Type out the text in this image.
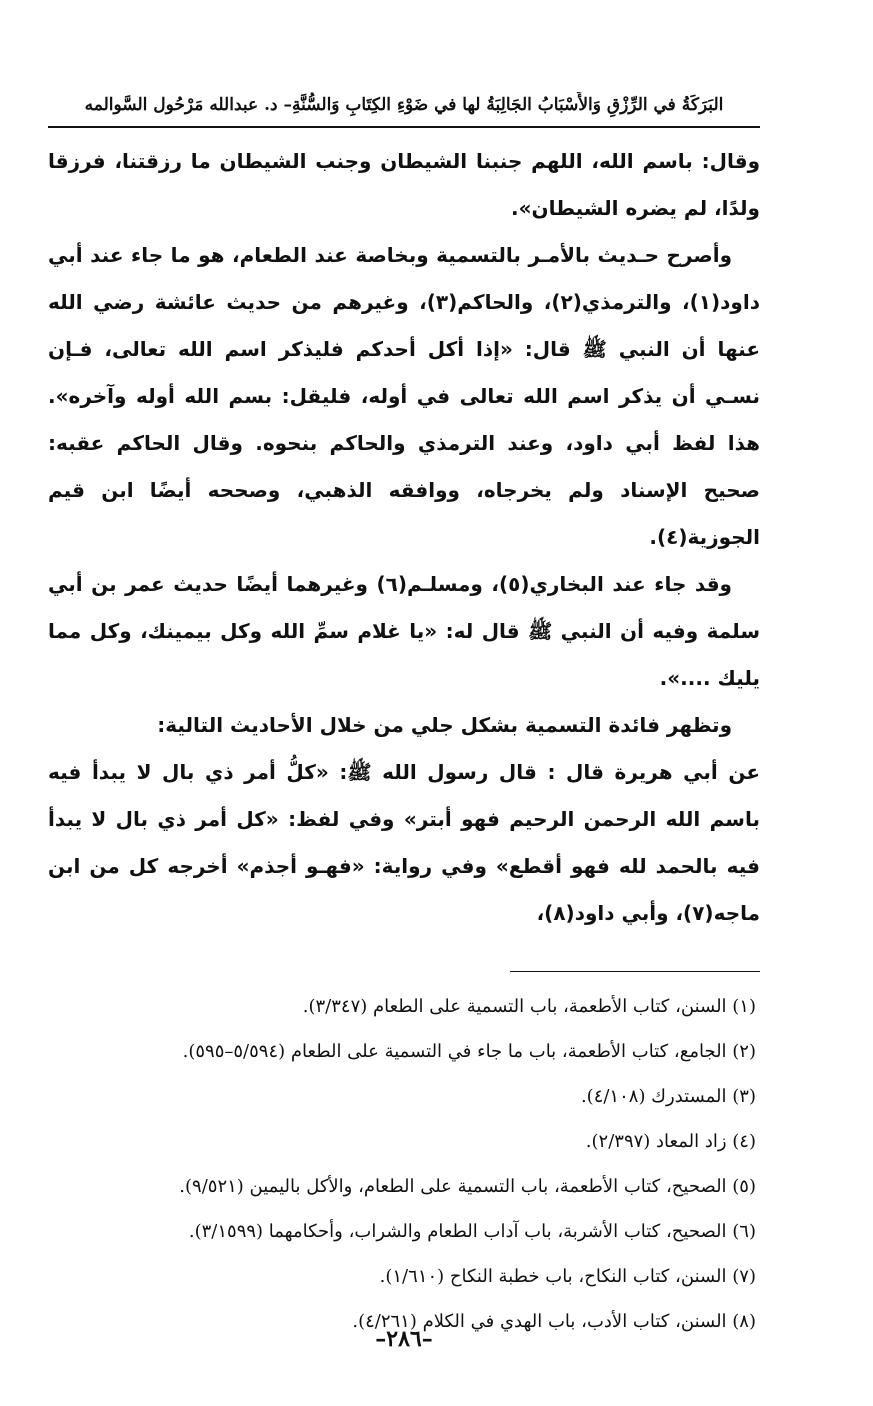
البَرَكَةُ في الرِّزْقِ وَالأَسْبَابُ الجَالِبَةُ لها في ضَوْءِ الكِتَابِ وَالسُّنَّةِ– د. عبدالله مَرْحُول السَّوالمه

وقال: باسم الله، اللهم جنبنا الشيطان وجنب الشيطان ما رزقتنا، فرزقا ولدًا، لم يضره الشيطان».

وأصرح حـديث بالأمـر بالتسمية وبخاصة عند الطعام، هو ما جاء عند أبي داود(١)، والترمذي(٢)، والحاكم(٣)، وغيرهم من حديث عائشة رضي الله عنها أن النبي ﷺ قال: «إذا أكل أحدكم فليذكر اسم الله تعالى، فـإن نسـي أن يذكر اسم الله تعالى في أوله، فليقل: بسم الله أوله وآخره». هذا لفظ أبي داود، وعند الترمذي والحاكم بنحوه. وقال الحاكم عقبه: صحيح الإسناد ولم يخرجاه، ووافقه الذهبي، وصححه أيضًا ابن قيم الجوزية(٤).

وقد جاء عند البخاري(٥)، ومسلـم(٦) وغيرهما أيضًا حديث عمر بن أبي سلمة وفيه أن النبي ﷺ قال له: «يا غلام سمِّ الله وكل بيمينك، وكل مما يليك ....».

وتظهر فائدة التسمية بشكل جلي من خلال الأحاديث التالية:

عن أبي هريرة قال : قال رسول الله ﷺ: «كلُّ أمر ذي بال لا يبدأ فيه باسم الله الرحمن الرحيم فهو أبتر» وفي لفظ: «كل أمر ذي بال لا يبدأ فيه بالحمد لله فهو أقطع» وفي رواية: «فهـو أجذم» أخرجه كل من ابن ماجه(٧)، وأبي داود(٨)،

(١) السنن، كتاب الأطعمة، باب التسمية على الطعام (٣/٣٤٧).
(٢) الجامع، كتاب الأطعمة، باب ما جاء في التسمية على الطعام (٥/٥٩٤–٥٩٥).
(٣) المستدرك (٤/١٠٨).
(٤) زاد المعاد (٢/٣٩٧).
(٥) الصحيح، كتاب الأطعمة، باب التسمية على الطعام، والأكل باليمين (٩/٥٢١).
(٦) الصحيح، كتاب الأشربة، باب آداب الطعام والشراب، وأحكامهما (٣/١٥٩٩).
(٧) السنن، كتاب النكاح، باب خطبة النكاح (١/٦١٠).
(٨) السنن، كتاب الأدب، باب الهدي في الكلام (٤/٢٦١).
–٢٨٦–
